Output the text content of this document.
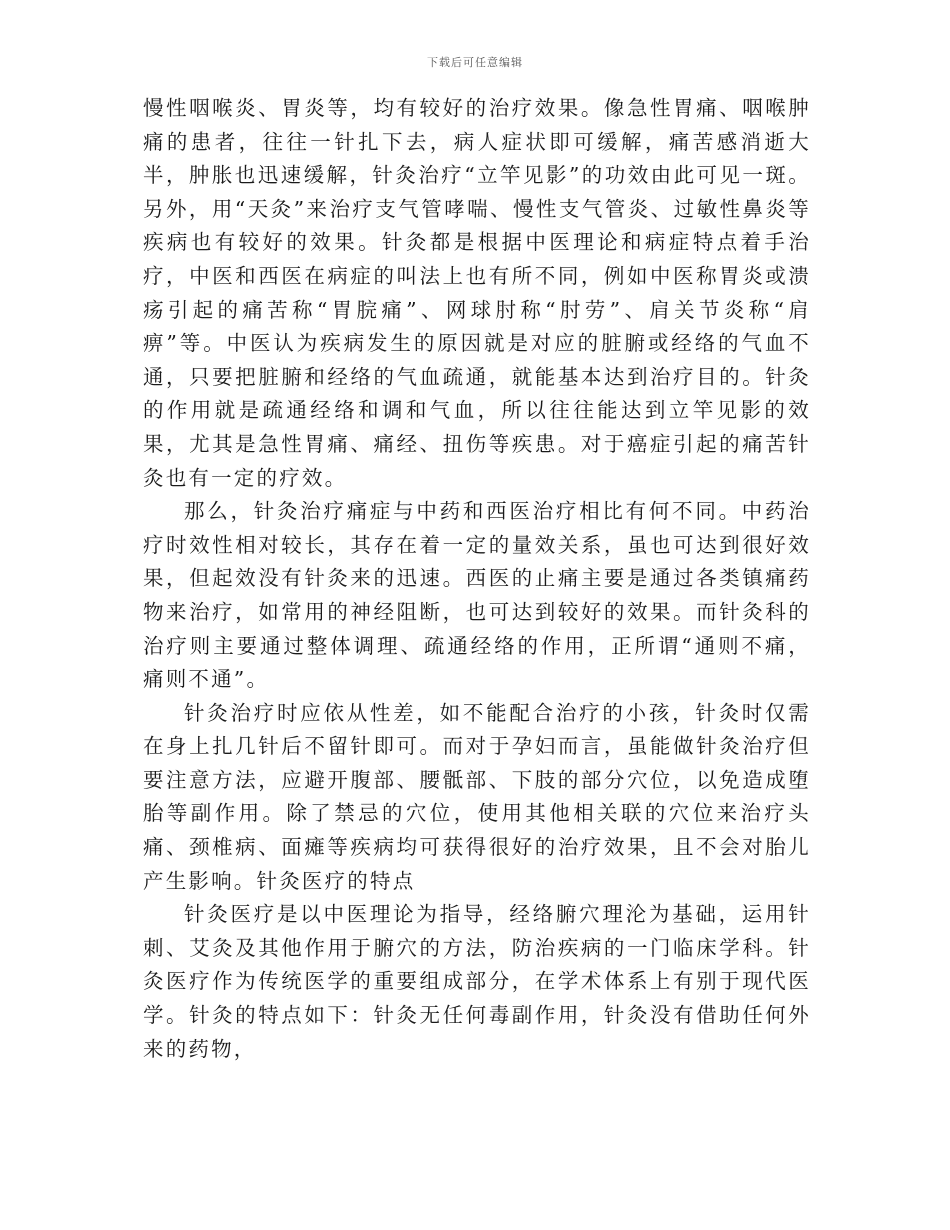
下载后可任意编辑

慢性咽喉炎、胃炎等，均有较好的治疗效果。像急性胃痛、咽喉肿痛的患者，往往一针扎下去，病人症状即可缓解，痛苦感消逝大半，肿胀也迅速缓解，针灸治疗“立竿见影”的功效由此可见一斑。另外，用“天灸”来治疗支气管哮喘、慢性支气管炎、过敏性鼻炎等疾病也有较好的效果。针灸都是根据中医理论和病症特点着手治疗，中医和西医在病症的叫法上也有所不同，例如中医称胃炎或溃疡引起的痛苦称“胃脘痛”、网球肘称“肘劳”、肩关节炎称“肩痹”等。中医认为疾病发生的原因就是对应的脏腑或经络的气血不通，只要把脏腑和经络的气血疏通，就能基本达到治疗目的。针灸的作用就是疏通经络和调和气血，所以往往能达到立竿见影的效果，尤其是急性胃痛、痛经、扭伤等疾患。对于癌症引起的痛苦针灸也有一定的疗效。

那么，针灸治疗痛症与中药和西医治疗相比有何不同。中药治疗时效性相对较长，其存在着一定的量效关系，虽也可达到很好效果，但起效没有针灸来的迅速。西医的止痛主要是通过各类镇痛药物来治疗，如常用的神经阻断，也可达到较好的效果。而针灸科的治疗则主要通过整体调理、疏通经络的作用，正所谓“通则不痛，痛则不通”。

针灸治疗时应依从性差，如不能配合治疗的小孩，针灸时仅需在身上扎几针后不留针即可。而对于孕妇而言，虽能做针灸治疗但要注意方法，应避开腹部、腰骶部、下肢的部分穴位，以免造成堕胎等副作用。除了禁忌的穴位，使用其他相关联的穴位来治疗头痛、颈椎病、面瘫等疾病均可获得很好的治疗效果，且不会对胎儿产生影响。针灸医疗的特点

针灸医疗是以中医理论为指导，经络腑穴理沦为基础，运用针刺、艾灸及其他作用于腑穴的方法，防治疾病的一门临床学科。针灸医疗作为传统医学的重要组成部分，在学术体系上有别于现代医学。针灸的特点如下：针灸无任何毒副作用，针灸没有借助任何外来的药物，
